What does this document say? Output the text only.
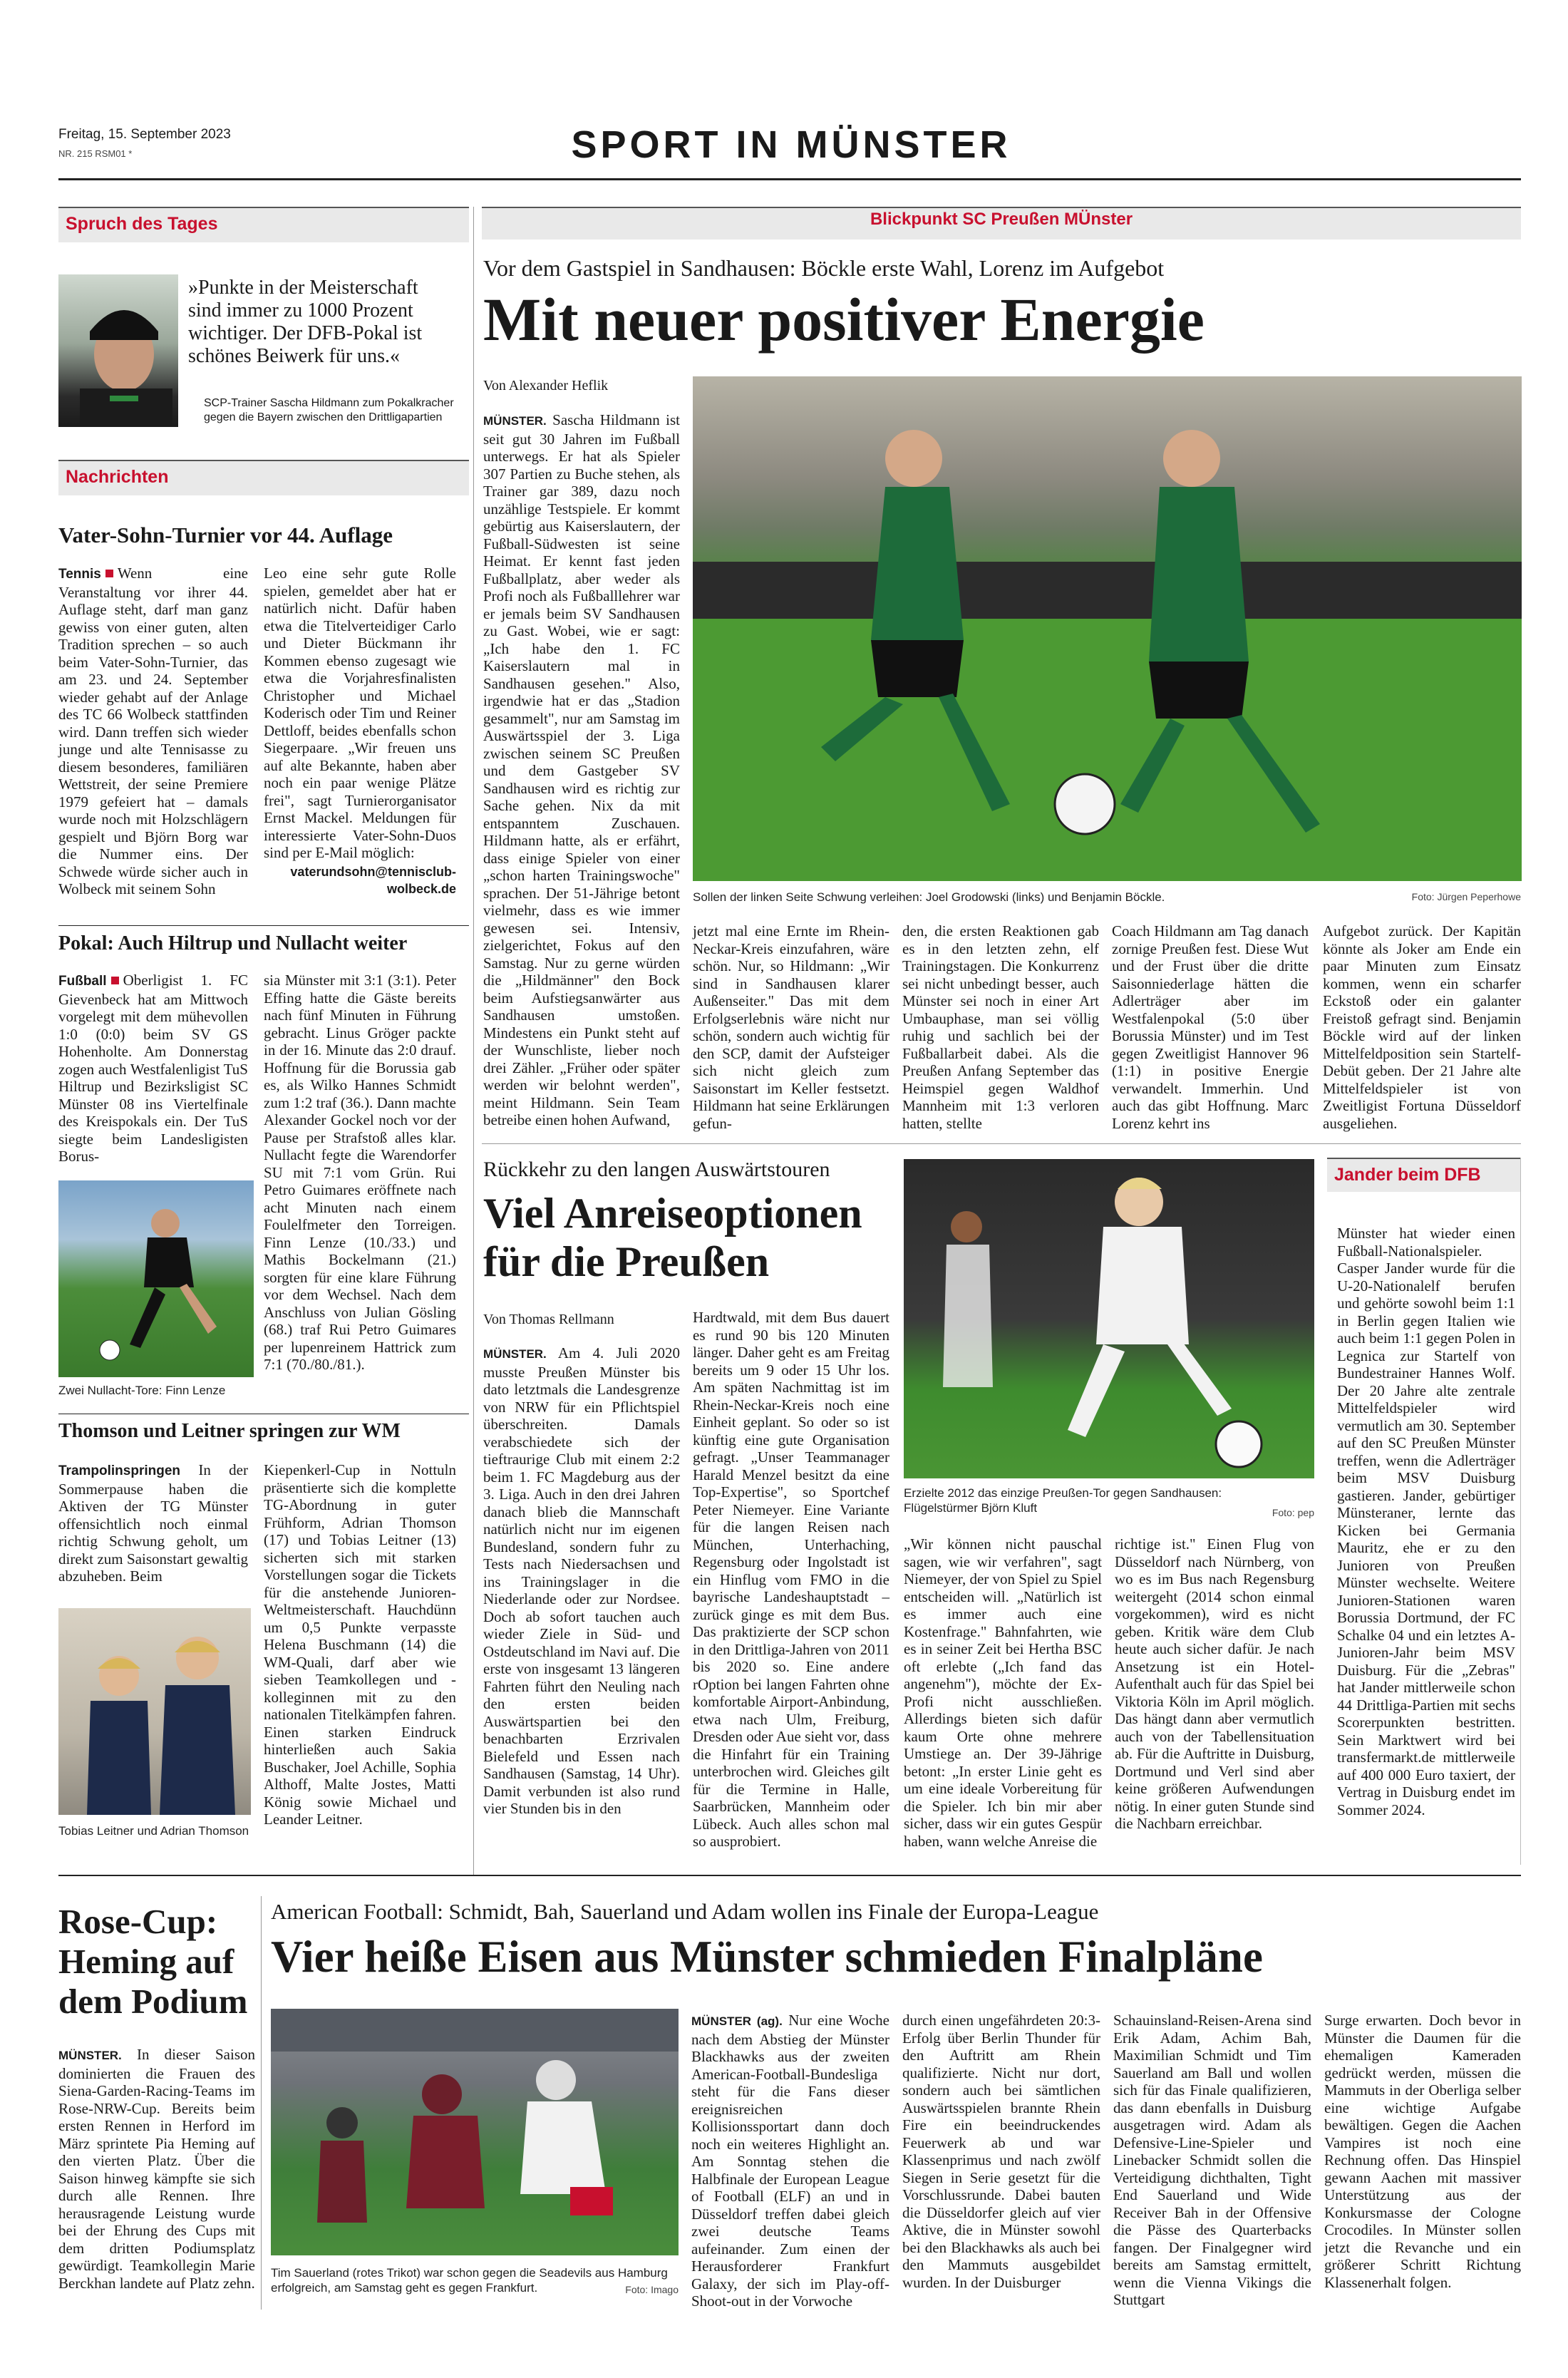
Freitag, 15. September 2023
NR. 215 RSM01 *	SPORT IN MÜNSTER
Spruch des Tages
»Punkte in der Meisterschaft sind immer zu 1000 Prozent wichtiger. Der DFB-Pokal ist schönes Beiwerk für uns.«
SCP-Trainer Sascha Hildmann zum Pokalkracher gegen die Bayern zwischen den Drittligapartien
Nachrichten
Vater-Sohn-Turnier vor 44. Auflage
Tennis Wenn eine Veranstaltung vor ihrer 44. Auflage steht, darf man ganz gewiss von einer guten, alten Tradition sprechen – so auch beim Vater-Sohn-Turnier, das am 23. und 24. September wieder gehabt auf der Anlage des TC 66 Wolbeck stattfinden wird. Dann treffen sich wieder junge und alte Tennisasse zu diesem besonderes, familiären Wettstreit, der seine Premiere 1979 gefeiert hat – damals wurde noch mit Holzschlägern gespielt und Björn Borg war die Nummer eins. Der Schwede würde sicher auch in Wolbeck mit seinem Sohn
Leo eine sehr gute Rolle spielen, gemeldet aber hat er natürlich nicht. Dafür haben etwa die Titelverteidiger Carlo und Dieter Bückmann ihr Kommen ebenso zugesagt wie etwa die Vorjahresfinalisten Christopher und Michael Koderisch oder Tim und Reiner Dettloff, beides ebenfalls schon Siegerpaare. „Wir freuen uns auf alte Bekannte, haben aber noch ein paar wenige Plätze frei", sagt Turnierorganisator Ernst Mackel. Meldungen für interessierte Vater-Sohn-Duos sind per E-Mail möglich:
vaterundsohn@tennisclub-wolbeck.de
Pokal: Auch Hiltrup und Nullacht weiter
Fußball Oberligist 1. FC Gievenbeck hat am Mittwoch vorgelegt mit dem mühevollen 1:0 (0:0) beim SV GS Hohenholte. Am Donnerstag zogen auch Westfalenligist TuS Hiltrup und Bezirksligist SC Münster 08 ins Viertelfinale des Kreispokals ein. Der TuS siegte beim Landesligisten Borus-
Zwei Nullacht-Tore: Finn Lenze
sia Münster mit 3:1 (3:1). Peter Effing hatte die Gäste bereits nach fünf Minuten in Führung gebracht. Linus Gröger packte in der 16. Minute das 2:0 drauf. Hoffnung für die Borussia gab es, als Wilko Hannes Schmidt zum 1:2 traf (36.). Dann machte Alexander Gockel noch vor der Pause per Strafstoß alles klar. Nullacht fegte die Warendorfer SU mit 7:1 vom Grün. Rui Petro Guimares eröffnete nach acht Minuten nach einem Foulelfmeter den Torreigen. Finn Lenze (10./33.) und Mathis Bockelmann (21.) sorgten für eine klare Führung vor dem Wechsel. Nach dem Anschluss von Julian Gösling (68.) traf Rui Petro Guimares per lupenreinem Hattrick zum 7:1 (70./80./81.).
Thomson und Leitner springen zur WM
Trampolinspringen In der Sommerpause haben die Aktiven der TG Münster offensichtlich noch einmal richtig Schwung geholt, um direkt zum Saisonstart gewaltig abzuheben. Beim
Tobias Leitner und Adrian Thomson
Kiepenkerl-Cup in Nottuln präsentierte sich die komplette TG-Abordnung in guter Frühform, Adrian Thomson (17) und Tobias Leitner (13) sicherten sich mit starken Vorstellungen sogar die Tickets für die anstehende Junioren-Weltmeisterschaft. Hauchdünn um 0,5 Punkte verpasste Helena Buschmann (14) die WM-Quali, darf aber wie sieben Teamkollegen und -kolleginnen mit zu den nationalen Titelkämpfen fahren. Einen starken Eindruck hinterließen auch Sakia Buschaker, Joel Achille, Sophia Althoff, Malte Jostes, Matti König sowie Michael und Leander Leitner.
Blickpunkt SC Preußen MÜnster
Vor dem Gastspiel in Sandhausen: Böckle erste Wahl, Lorenz im Aufgebot
Mit neuer positiver Energie
Von Alexander Heflik
MÜNSTER. Sascha Hildmann ist seit gut 30 Jahren im Fußball unterwegs. Er hat als Spieler 307 Partien zu Buche stehen, als Trainer gar 389, dazu noch unzählige Testspiele. Er kommt gebürtig aus Kaiserslautern, der Fußball-Südwesten ist seine Heimat. Er kennt fast jeden Fußballplatz, aber weder als Profi noch als Fußballlehrer war er jemals beim SV Sandhausen zu Gast. Wobei, wie er sagt: „Ich habe den 1. FC Kaiserslautern mal in Sandhausen gesehen." Also, irgendwie hat er das „Stadion gesammelt", nur am Samstag im Auswärtsspiel der 3. Liga zwischen seinem SC Preußen und dem Gastgeber SV Sandhausen wird es richtig zur Sache gehen. Nix da mit entspanntem Zuschauen. Hildmann hatte, als er erfährt, dass einige Spieler von einer „schon harten Trainingswoche" sprachen. Der 51-Jährige betont vielmehr, dass es wie immer gewesen sei. Intensiv, zielgerichtet, Fokus auf den Samstag. Nur zu gerne würden die „Hildmänner" den Bock beim Aufstiegsanwärter aus Sandhausen umstoßen. Mindestens ein Punkt steht auf der Wunschliste, lieber noch drei Zähler. „Früher oder später werden wir belohnt werden", meint Hildmann. Sein Team betreibe einen hohen Aufwand,
Sollen der linken Seite Schwung verleihen: Joel Grodowski (links) und Benjamin Böckle.	Foto: Jürgen Peperhowe
jetzt mal eine Ernte im Rhein-Neckar-Kreis einzufahren, wäre schön. Nur, so Hildmann: „Wir sind in Sandhausen klarer Außenseiter." Das mit dem Erfolgserlebnis wäre nicht nur schön, sondern auch wichtig für den SCP, damit der Aufsteiger sich nicht gleich zum Saisonstart im Keller festsetzt. Hildmann hat seine Erklärungen gefun-
den, die ersten Reaktionen gab es in den letzten zehn, elf Trainingstagen. Die Konkurrenz sei nicht unbedingt besser, auch Münster sei noch in einer Art Umbauphase, man sei völlig ruhig und sachlich bei der Fußballarbeit dabei. Als die Preußen Anfang September das Heimspiel gegen Waldhof Mannheim mit 1:3 verloren hatten, stellte
Coach Hildmann am Tag danach zornige Preußen fest. Diese Wut und der Frust über die dritte Saisonniederlage hätten die Adlerträger aber im Westfalenpokal (5:0 über Borussia Münster) und im Test gegen Zweitligist Hannover 96 (1:1) in positive Energie verwandelt. Immerhin. Und auch das gibt Hoffnung. Marc Lorenz kehrt ins
Aufgebot zurück. Der Kapitän könnte als Joker am Ende ein paar Minuten zum Einsatz kommen, wenn ein scharfer Eckstoß oder ein galanter Freistoß gefragt sind. Benjamin Böckle wird auf der linken Mittelfeldposition sein Startelf-Debüt geben. Der 21 Jahre alte Mittelfeldspieler ist von Zweitligist Fortuna Düsseldorf ausgeliehen.
Rückkehr zu den langen Auswärtstouren
Viel Anreiseoptionen für die Preußen
Von Thomas Rellmann
MÜNSTER. Am 4. Juli 2020 musste Preußen Münster bis dato letztmals die Landesgrenze von NRW für ein Pflichtspiel überschreiten. Damals verabschiedete sich der tieftraurige Club mit einem 2:2 beim 1. FC Magdeburg aus der 3. Liga. Auch in den drei Jahren danach blieb die Mannschaft natürlich nicht nur im eigenen Bundesland, sondern fuhr zu Tests nach Niedersachsen und ins Trainingslager in die Niederlande oder zur Nordsee. Doch ab sofort tauchen auch wieder Ziele in Süd- und Ostdeutschland im Navi auf. Die erste von insgesamt 13 längeren Fahrten führt den Neuling nach den ersten beiden Auswärtspartien bei den benachbarten Erzrivalen Bielefeld und Essen nach Sandhausen (Samstag, 14 Uhr). Damit verbunden ist also rund vier Stunden bis in den
Hardtwald, mit dem Bus dauert es rund 90 bis 120 Minuten länger. Daher geht es am Freitag bereits um 9 oder 15 Uhr los. Am späten Nachmittag ist im Rhein-Neckar-Kreis noch eine Einheit geplant. So oder so ist künftig eine gute Organisation gefragt. „Unser Teammanager Harald Menzel besitzt da eine Top-Expertise", so Sportchef Peter Niemeyer. Eine Variante für die langen Reisen nach München, Unterhaching, Regensburg oder Ingolstadt ist ein Hinflug vom FMO in die bayrische Landeshauptstadt – zurück ginge es mit dem Bus. Das praktizierte der SCP schon in den Drittliga-Jahren von 2011 bis 2020 so. Eine andere rOption bei langen Fahrten ohne komfortable Airport-Anbindung, etwa nach Ulm, Freiburg, Dresden oder Aue sieht vor, dass die Hinfahrt für ein Training unterbrochen wird. Gleiches gilt für die Termine in Halle, Saarbrücken, Mannheim oder Lübeck. Auch alles schon mal so ausprobiert.
Erzielte 2012 das einzige Preußen-Tor gegen Sandhausen: Flügelstürmer Björn Kluft	Foto: pep
„Wir können nicht pauschal sagen, wie wir verfahren", sagt Niemeyer, der von Spiel zu Spiel entscheiden will. „Natürlich ist es immer auch eine Kostenfrage." Bahnfahrten, wie es in seiner Zeit bei Hertha BSC oft erlebte („Ich fand das angenehm"), möchte der Ex-Profi nicht ausschließen. Allerdings bieten sich dafür kaum Orte ohne mehrere Umstiege an. Der 39-Jährige betont: „In erster Linie geht es um eine ideale Vorbereitung für die Spieler. Ich bin mir aber sicher, dass wir ein gutes Gespür haben, wann welche Anreise die
richtige ist." Einen Flug von Düsseldorf nach Nürnberg, von wo es im Bus nach Regensburg weitergeht (2014 schon einmal vorgekommen), wird es nicht geben. Kritik wäre dem Club heute auch sicher dafür. Je nach Ansetzung ist ein Hotel-Aufenthalt auch für das Spiel bei Viktoria Köln im April möglich. Das hängt dann aber vermutlich auch von der Tabellensituation ab. Für die Auftritte in Duisburg, Dortmund und Verl sind aber keine größeren Aufwendungen nötig. In einer guten Stunde sind die Nachbarn erreichbar.
Jander beim DFB
Münster hat wieder einen Fußball-Nationalspieler. Casper Jander wurde für die U-20-Nationalelf berufen und gehörte sowohl beim 1:1 in Berlin gegen Italien wie auch beim 1:1 gegen Polen in Legnica zur Startelf von Bundestrainer Hannes Wolf. Der 20 Jahre alte zentrale Mittelfeldspieler wird vermutlich am 30. September auf den SC Preußen Münster treffen, wenn die Adlerträger beim MSV Duisburg gastieren. Jander, gebürtiger Münsteraner, lernte das Kicken bei Germania Mauritz, ehe er zu den Junioren von Preußen Münster wechselte. Weitere Junioren-Stationen waren Borussia Dortmund, der FC Schalke 04 und ein letztes A-Junioren-Jahr beim MSV Duisburg. Für die „Zebras" hat Jander mittlerweile schon 44 Drittliga-Partien mit sechs Scorerpunkten bestritten. Sein Marktwert wird bei transfermarkt.de mittlerweile auf 400 000 Euro taxiert, der Vertrag in Duisburg endet im Sommer 2024.
Rose-Cup: Heming auf dem Podium
MÜNSTER. In dieser Saison dominierten die Frauen des Siena-Garden-Racing-Teams im Rose-NRW-Cup. Bereits beim ersten Rennen in Herford im März sprintete Pia Heming auf den vierten Platz. Über die Saison hinweg kämpfte sie sich durch alle Rennen. Ihre herausragende Leistung wurde bei der Ehrung des Cups mit dem dritten Podiumsplatz gewürdigt. Teamkollegin Marie Berckhan landete auf Platz zehn.
American Football: Schmidt, Bah, Sauerland und Adam wollen ins Finale der Europa-League
Vier heiße Eisen aus Münster schmieden Finalpläne
Tim Sauerland (rotes Trikot) war schon gegen die Seadevils aus Hamburg erfolgreich, am Samstag geht es gegen Frankfurt.	Foto: Imago
MÜNSTER (ag). Nur eine Woche nach dem Abstieg der Münster Blackhawks aus der zweiten American-Football-Bundesliga steht für die Fans dieser ereignisreichen Kollisionssportart dann doch noch ein weiteres Highlight an. Am Sonntag stehen die Halbfinale der European League of Football (ELF) an und in Düsseldorf treffen dabei gleich zwei deutsche Teams aufeinander. Zum einen der Herausforderer Frankfurt Galaxy, der sich im Play-off-Shoot-out in der Vorwoche
durch einen ungefährdeten 20:3-Erfolg über Berlin Thunder für den Auftritt am Rhein qualifizierte. Nicht nur dort, sondern auch bei sämtlichen Auswärtsspielen brannte Rhein Fire ein beeindruckendes Feuerwerk ab und war Klassenprimus und nach zwölf Siegen in Serie gesetzt für die Vorschlussrunde. Dabei bauten die Düsseldorfer gleich auf vier Aktive, die in Münster sowohl bei den Blackhawks als auch bei den Mammuts ausgebildet wurden. In der Duisburger
Schauinsland-Reisen-Arena sind Erik Adam, Achim Bah, Maximilian Schmidt und Tim Sauerland am Ball und wollen sich für das Finale qualifizieren, das dann ebenfalls in Duisburg ausgetragen wird. Adam als Defensive-Line-Spieler und Linebacker Schmidt sollen die Verteidigung dichthalten, Tight End Sauerland und Wide Receiver Bah in der Offensive die Pässe des Quarterbacks fangen. Der Finalgegner wird bereits am Samstag ermittelt, wenn die Vienna Vikings die Stuttgart
Surge erwarten. Doch bevor in Münster die Daumen für die ehemaligen Kameraden gedrückt werden, müssen die Mammuts in der Oberliga selber eine wichtige Aufgabe bewältigen. Gegen die Aachen Vampires ist noch eine Rechnung offen. Das Hinspiel gewann Aachen mit massiver Unterstützung aus der Konkursmasse der Cologne Crocodiles. In Münster sollen jetzt die Revanche und ein größerer Schritt Richtung Klassenerhalt folgen.
